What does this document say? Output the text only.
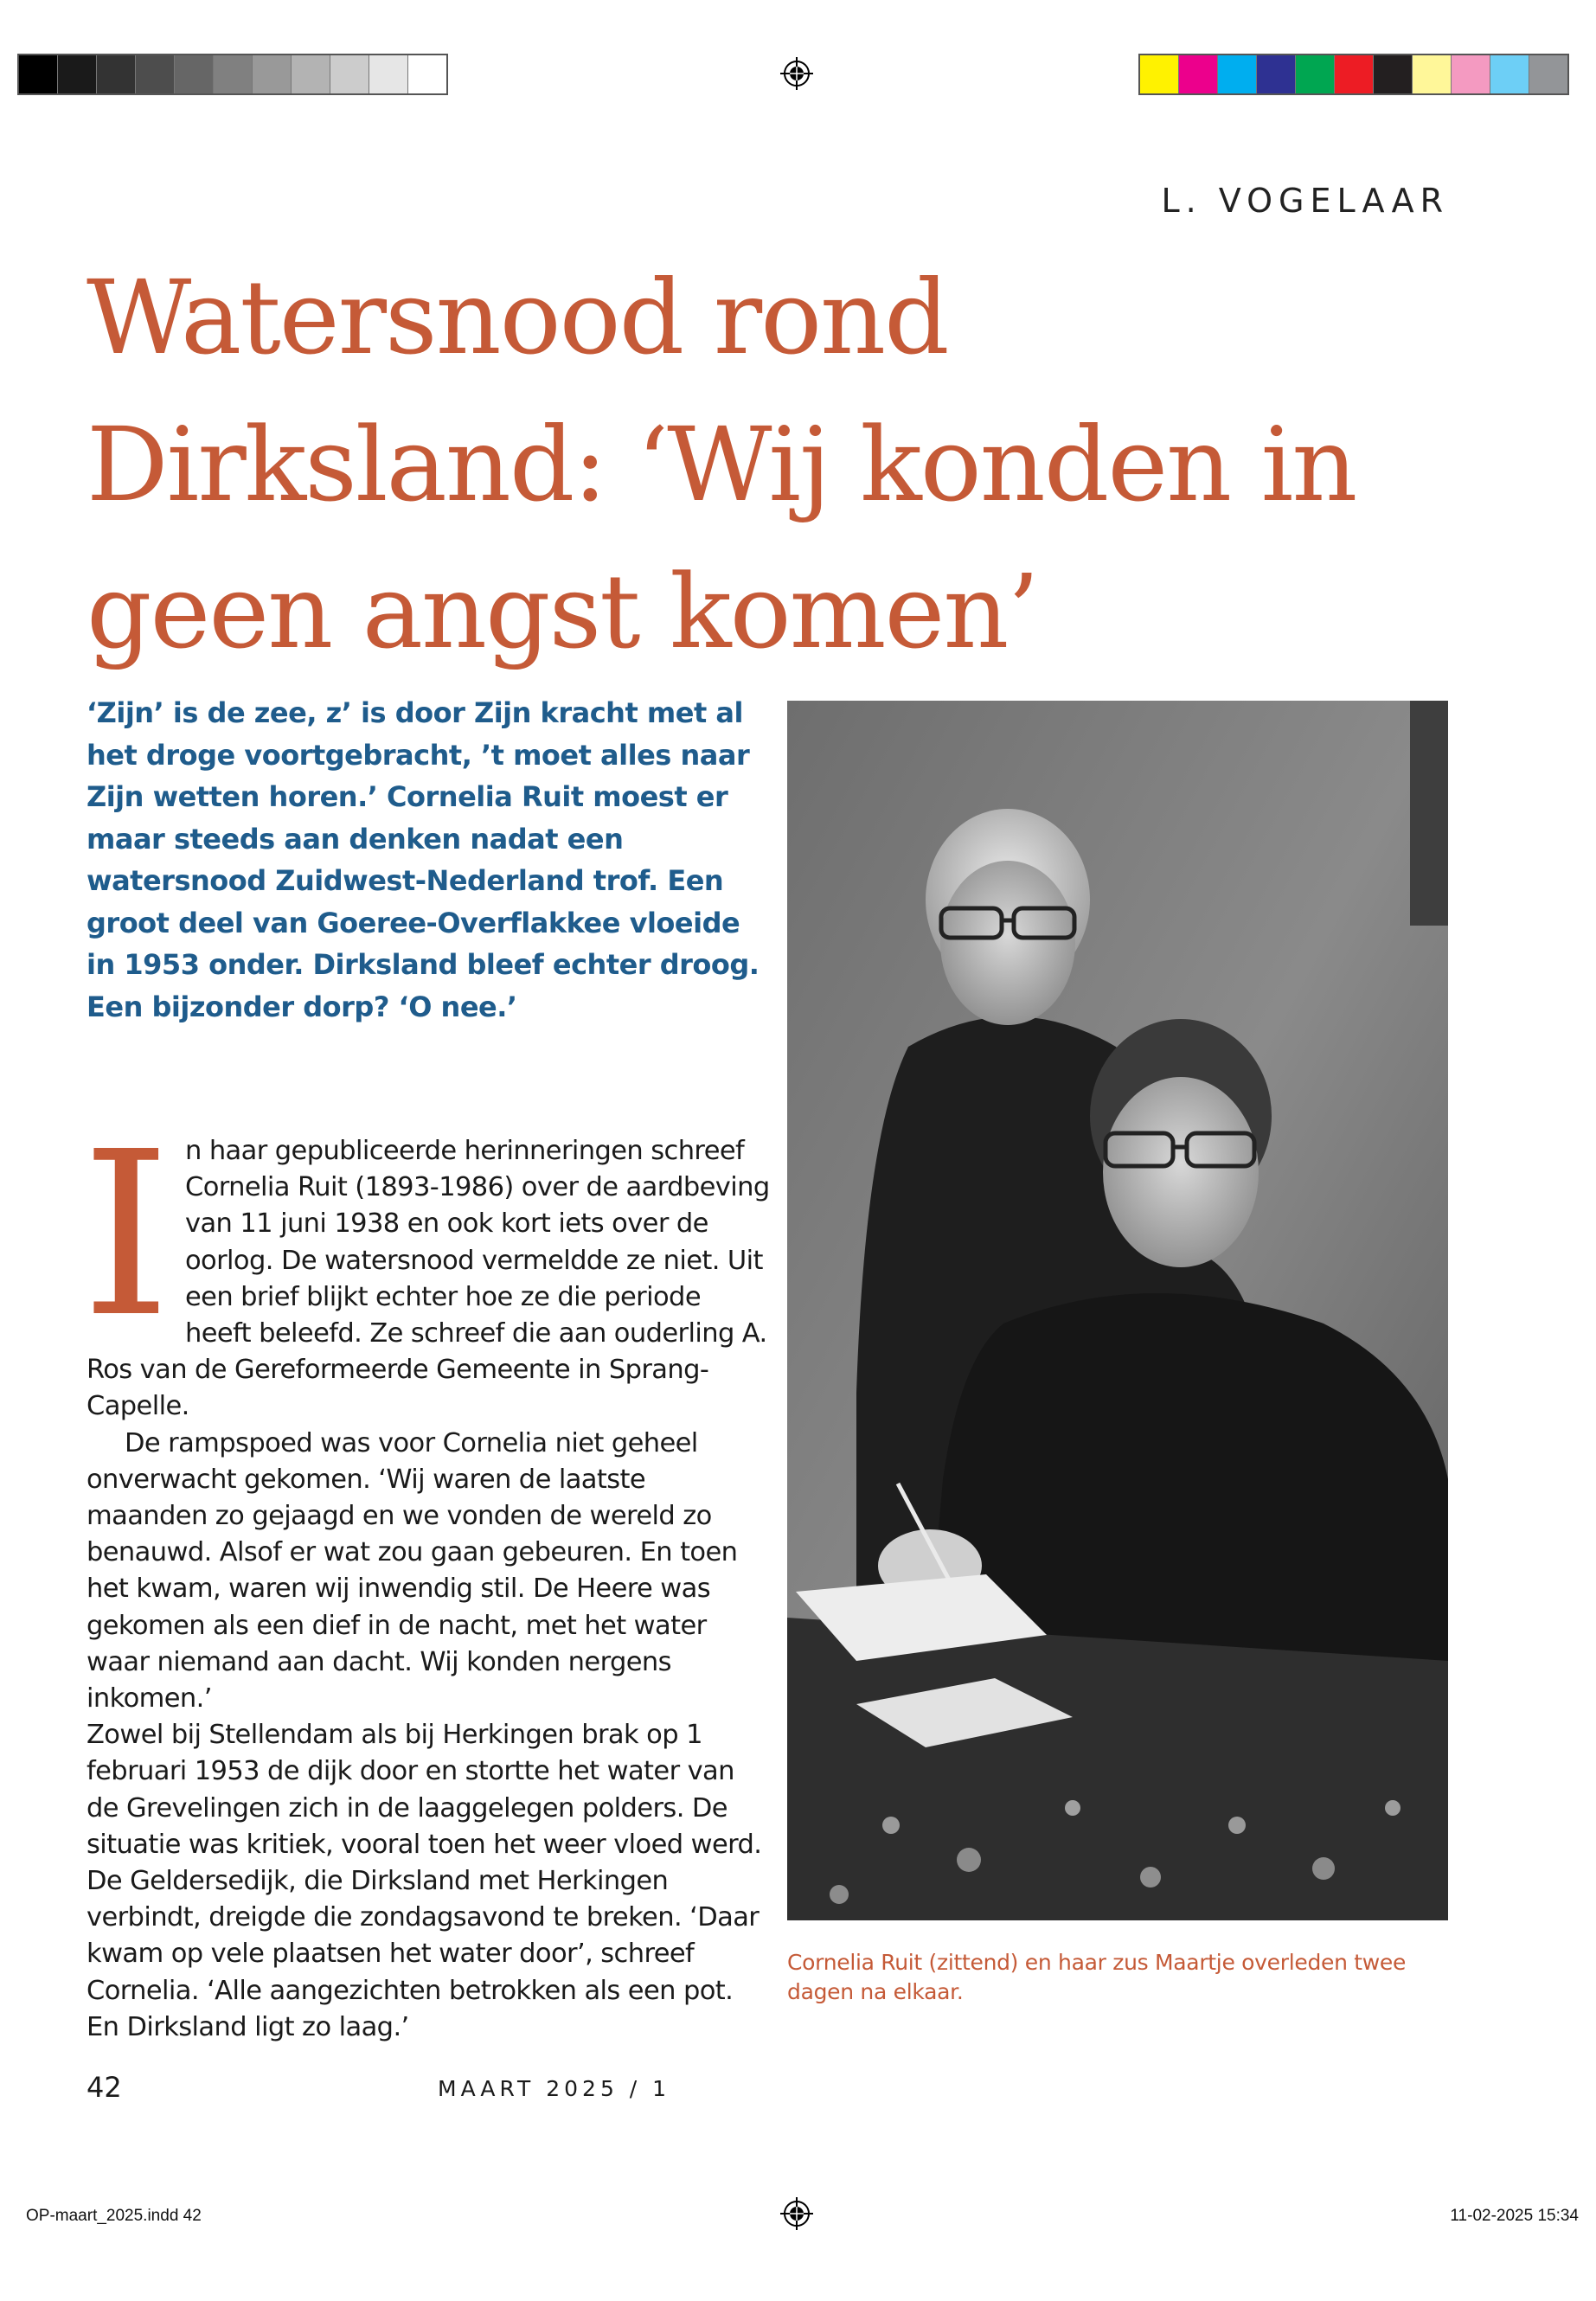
L. VOGELAAR
Watersnood rond Dirksland: ‘Wij konden in geen angst komen’

‘Zijn’ is de zee, z’ is door Zijn kracht met al het droge voortgebracht, ’t moet alles naar Zijn wetten horen.’ Cornelia Ruit moest er maar steeds aan denken nadat een watersnood Zuidwest-Nederland trof. Een groot deel van Goeree-Overflakkee vloeide in 1953 onder. Dirksland bleef echter droog. Een bijzonder dorp? ‘O nee.’

I n haar gepubliceerde herinneringen schreef Cornelia Ruit (1893-1986) over de aardbeving van 11 juni 1938 en ook kort iets over de oorlog. De watersnood vermeldde ze niet. Uit een brief blijkt echter hoe ze die periode heeft beleefd. Ze schreef die aan ouderling A. Ros van de Gereformeerde Gemeente in Sprang-Capelle.

De rampspoed was voor Cornelia niet geheel onverwacht gekomen. ‘Wij waren de laatste maanden zo gejaagd en we vonden de wereld zo benauwd. Alsof er wat zou gaan gebeuren. En toen het kwam, waren wij inwendig stil. De Heere was gekomen als een dief in de nacht, met het water waar niemand aan dacht. Wij konden nergens inkomen.’

Zowel bij Stellendam als bij Herkingen brak op 1 februari 1953 de dijk door en stortte het water van de Grevelingen zich in de laaggelegen polders. De situatie was kritiek, vooral toen het weer vloed werd. De Geldersedijk, die Dirksland met Herkingen verbindt, dreigde die zondagsavond te breken. ‘Daar kwam op vele plaatsen het water door’, schreef Cornelia. ‘Alle aangezichten betrokken als een pot. En Dirksland ligt zo laag.’

Cornelia Ruit (zittend) en haar zus Maartje overleden twee dagen na elkaar.

42	MAART 2025 / 1
OP-maart_2025.indd 42	11-02-2025 15:34
